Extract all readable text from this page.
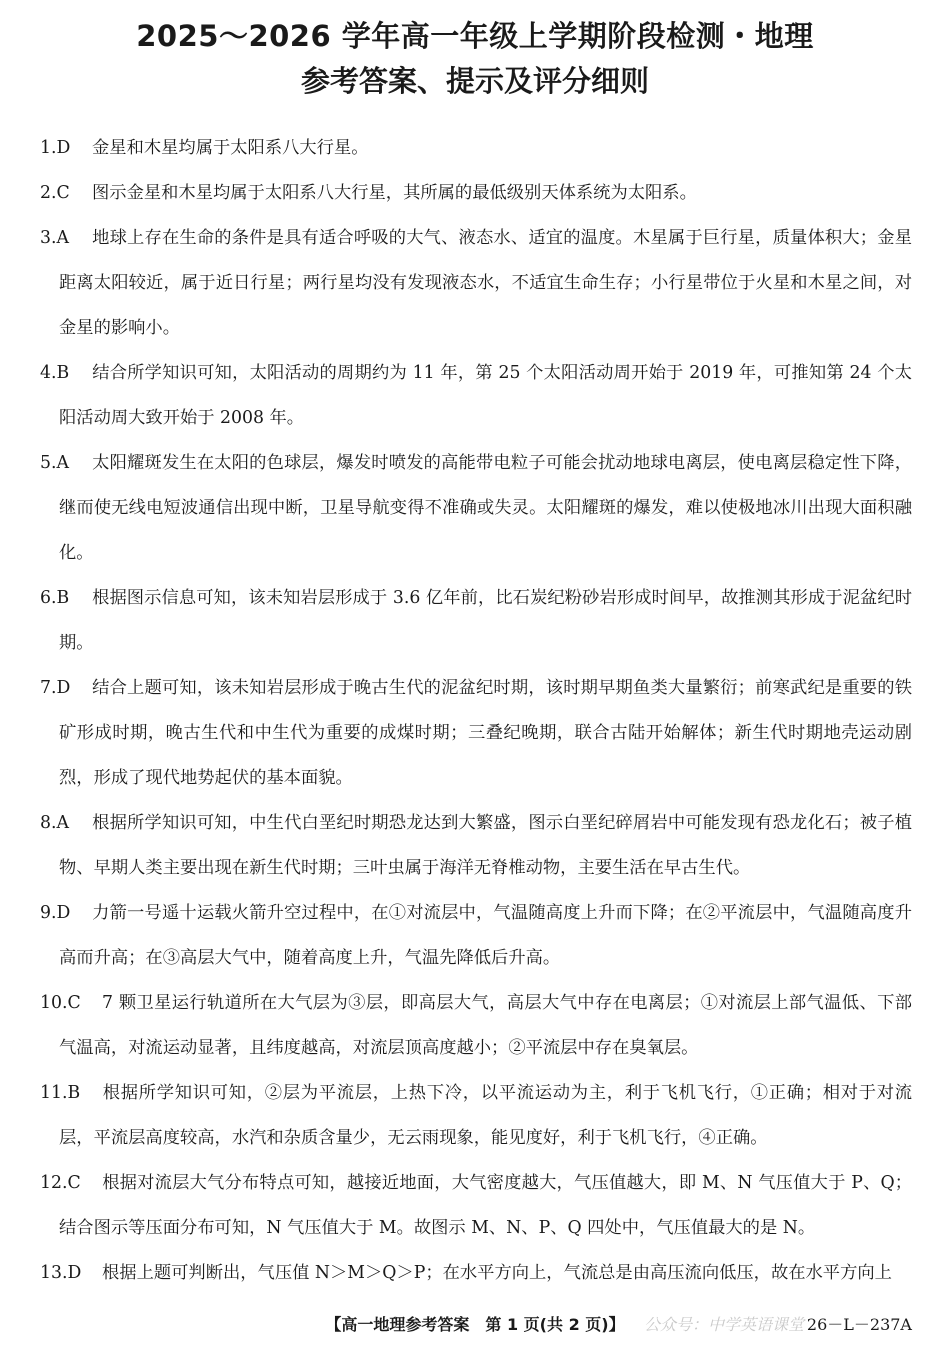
2025～2026 学年高一年级上学期阶段检测・地理
参考答案、提示及评分细则
1.D 金星和木星均属于太阳系八大行星。
2.C 图示金星和木星均属于太阳系八大行星，其所属的最低级别天体系统为太阳系。
3.A 地球上存在生命的条件是具有适合呼吸的大气、液态水、适宜的温度。木星属于巨行星，质量体积大；金星距离太阳较近，属于近日行星；两行星均没有发现液态水，不适宜生命生存；小行星带位于火星和木星之间，对金星的影响小。
4.B 结合所学知识可知，太阳活动的周期约为 11 年，第 25 个太阳活动周开始于 2019 年，可推知第 24 个太阳活动周大致开始于 2008 年。
5.A 太阳耀斑发生在太阳的色球层，爆发时喷发的高能带电粒子可能会扰动地球电离层，使电离层稳定性下降，继而使无线电短波通信出现中断，卫星导航变得不准确或失灵。太阳耀斑的爆发，难以使极地冰川出现大面积融化。
6.B 根据图示信息可知，该未知岩层形成于 3.6 亿年前，比石炭纪粉砂岩形成时间早，故推测其形成于泥盆纪时期。
7.D 结合上题可知，该未知岩层形成于晚古生代的泥盆纪时期，该时期早期鱼类大量繁衍；前寒武纪是重要的铁矿形成时期，晚古生代和中生代为重要的成煤时期；三叠纪晚期，联合古陆开始解体；新生代时期地壳运动剧烈，形成了现代地势起伏的基本面貌。
8.A 根据所学知识可知，中生代白垩纪时期恐龙达到大繁盛，图示白垩纪碎屑岩中可能发现有恐龙化石；被子植物、早期人类主要出现在新生代时期；三叶虫属于海洋无脊椎动物，主要生活在早古生代。
9.D 力箭一号遥十运载火箭升空过程中，在①对流层中，气温随高度上升而下降；在②平流层中，气温随高度升高而升高；在③高层大气中，随着高度上升，气温先降低后升高。
10.C 7 颗卫星运行轨道所在大气层为③层，即高层大气，高层大气中存在电离层；①对流层上部气温低、下部气温高，对流运动显著，且纬度越高，对流层顶高度越小；②平流层中存在臭氧层。
11.B 根据所学知识可知，②层为平流层，上热下冷，以平流运动为主，利于飞机飞行，①正确；相对于对流层，平流层高度较高，水汽和杂质含量少，无云雨现象，能见度好，利于飞机飞行，④正确。
12.C 根据对流层大气分布特点可知，越接近地面，大气密度越大，气压值越大，即 M、N 气压值大于 P、Q；结合图示等压面分布可知，N 气压值大于 M。故图示 M、N、P、Q 四处中，气压值最大的是 N。
13.D 根据上题可判断出，气压值 N＞M＞Q＞P；在水平方向上，气流总是由高压流向低压，故在水平方向上
【高一地理参考答案　第 1 页(共 2 页)】	公众号：中学英语课堂 26－L－237A
